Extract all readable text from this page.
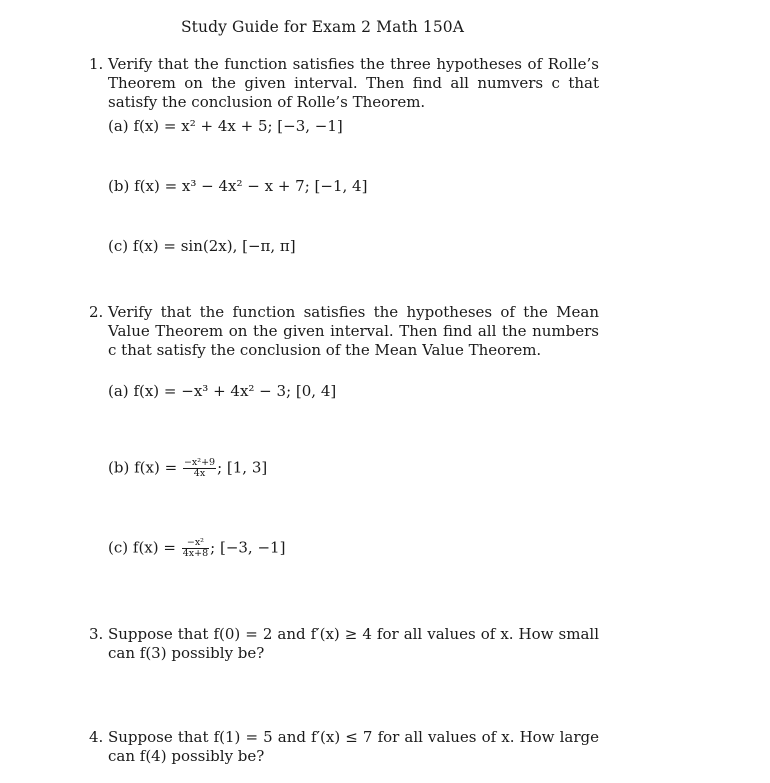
Study Guide for Exam 2 Math 150A
1. Verify that the function satisfies the three hypotheses of Rolle’s Theorem on the given interval. Then find all numvers c that satisfy the conclusion of Rolle’s Theorem.
(a) f(x) = x² + 4x + 5; [−3, −1]
(b) f(x) = x³ − 4x² − x + 7; [−1, 4]
(c) f(x) = sin(2x), [−π, π]
2. Verify that the function satisfies the hypotheses of the Mean Value Theorem on the given interval. Then find all the numbers c that satisfy the conclusion of the Mean Value Theorem.
(a) f(x) = −x³ + 4x² − 3; [0, 4]
(b) $f(x) = \frac{\text{−x²+9}}{4x}$ ; [1, 3]
(c) $f(x) = \frac{\text{−x²}}{4x+8}$ ; [−3, −1]
3. Suppose that f(0) = 2 and f′(x) ≥ 4 for all values of x. How small can f(3) possibly be?
4. Suppose that f(1) = 5 and f′(x) ≤ 7 for all values of x. How large can f(4) possibly be?
